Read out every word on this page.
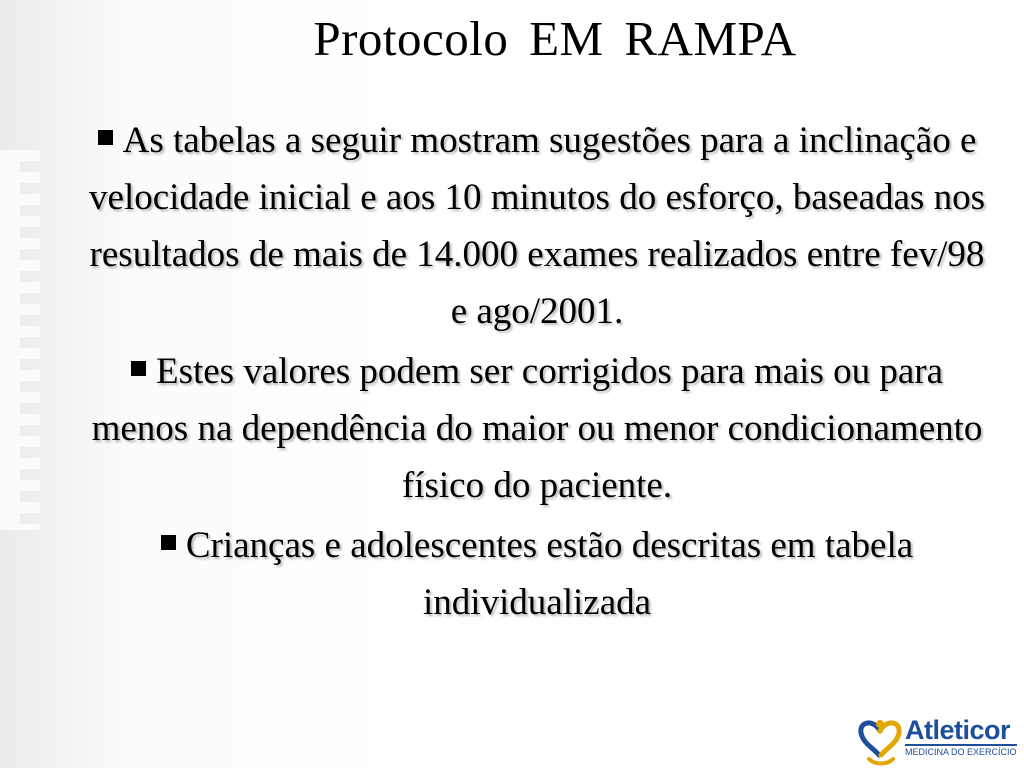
Protocolo EM RAMPA
As tabelas a seguir mostram sugestões para a inclinação e velocidade inicial e aos 10 minutos do esforço, baseadas nos resultados de mais de 14.000 exames realizados entre fev/98 e ago/2001.
Estes valores podem ser corrigidos para mais ou para menos na dependência do maior ou menor condicionamento físico do paciente.
Crianças e adolescentes estão descritas em tabela individualizada
Atleticor
MEDICINA DO EXERCÍCIO
